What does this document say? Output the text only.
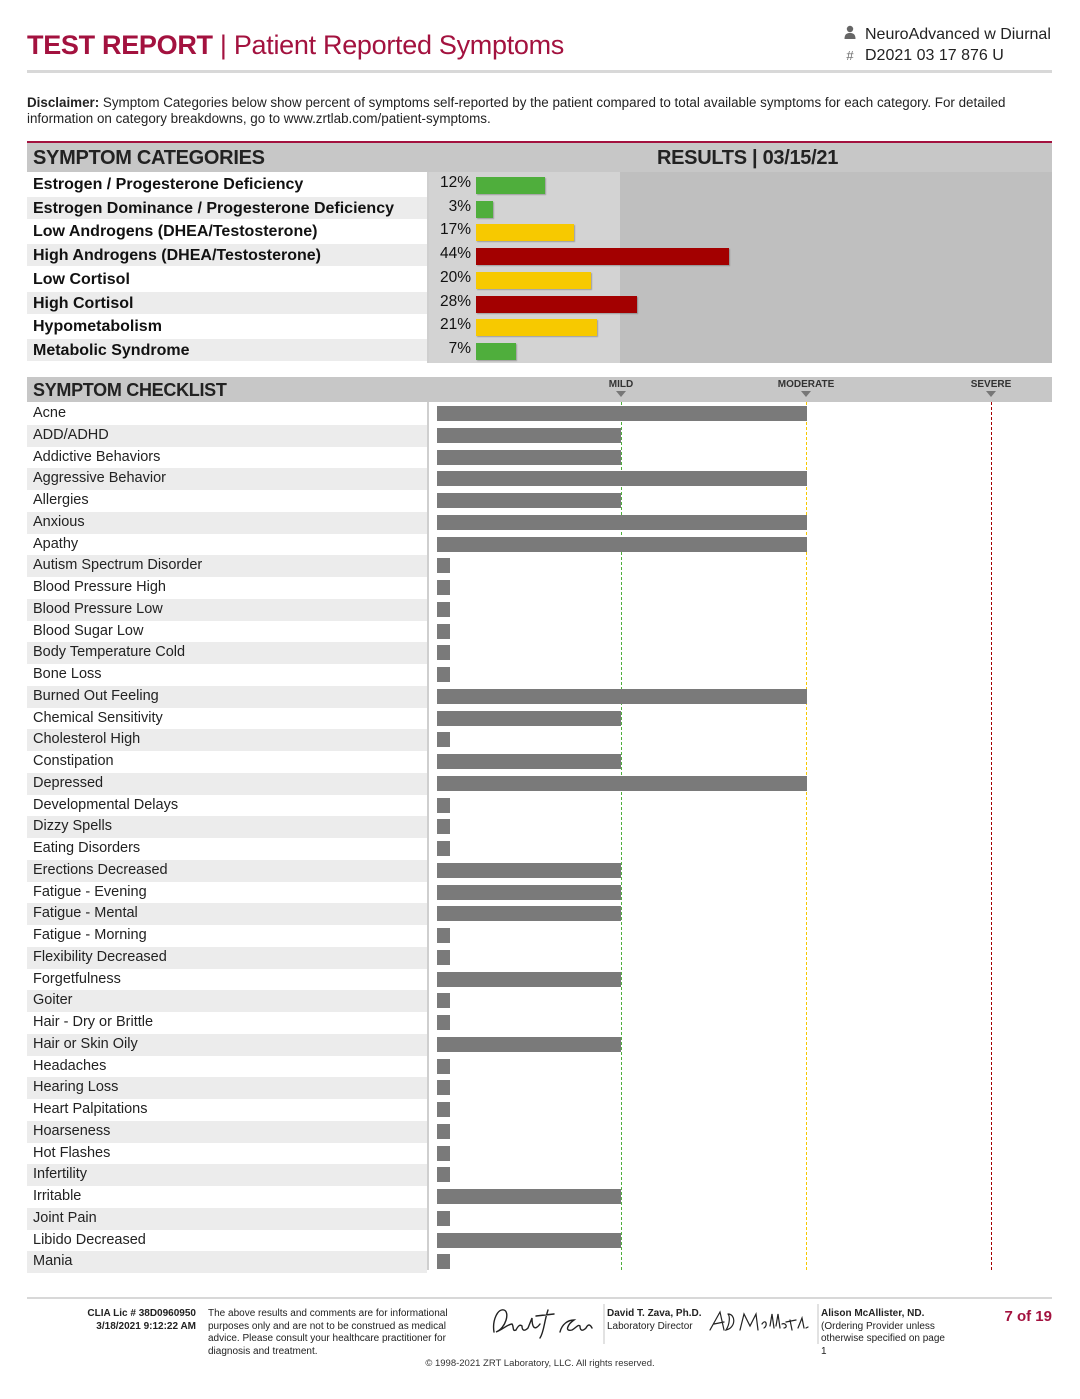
TEST REPORT | Patient Reported Symptoms	NeuroAdvanced w Diurnal
# D2021 03 17 876 U
Disclaimer: Symptom Categories below show percent of symptoms self-reported by the patient compared to total available symptoms for each category. For detailed information on category breakdowns, go to www.zrtlab.com/patient-symptoms.
SYMPTOM CATEGORIES	RESULTS | 03/15/21
Estrogen / Progesterone Deficiency	12%
Estrogen Dominance / Progesterone Deficiency	3%
Low Androgens (DHEA/Testosterone)	17%
High Androgens (DHEA/Testosterone)	44%
Low Cortisol	20%
High Cortisol	28%
Hypometabolism	21%
Metabolic Syndrome	7%
SYMPTOM CHECKLIST	MILD	MODERATE	SEVERE
Acne
ADD/ADHD
Addictive Behaviors
Aggressive Behavior
Allergies
Anxious
Apathy
Autism Spectrum Disorder
Blood Pressure High
Blood Pressure Low
Blood Sugar Low
Body Temperature Cold
Bone Loss
Burned Out Feeling
Chemical Sensitivity
Cholesterol High
Constipation
Depressed
Developmental Delays
Dizzy Spells
Eating Disorders
Erections Decreased
Fatigue - Evening
Fatigue - Mental
Fatigue - Morning
Flexibility Decreased
Forgetfulness
Goiter
Hair - Dry or Brittle
Hair or Skin Oily
Headaches
Hearing Loss
Heart Palpitations
Hoarseness
Hot Flashes
Infertility
Irritable
Joint Pain
Libido Decreased
Mania
CLIA Lic # 38D0960950
3/18/2021 9:12:22 AM
The above results and comments are for informational purposes only and are not to be construed as medical advice. Please consult your healthcare practitioner for diagnosis and treatment.
David T. Zava, Ph.D.
Laboratory Director
Alison McAllister, ND.
(Ordering Provider unless otherwise specified on page 1
7 of 19
© 1998-2021 ZRT Laboratory, LLC. All rights reserved.
